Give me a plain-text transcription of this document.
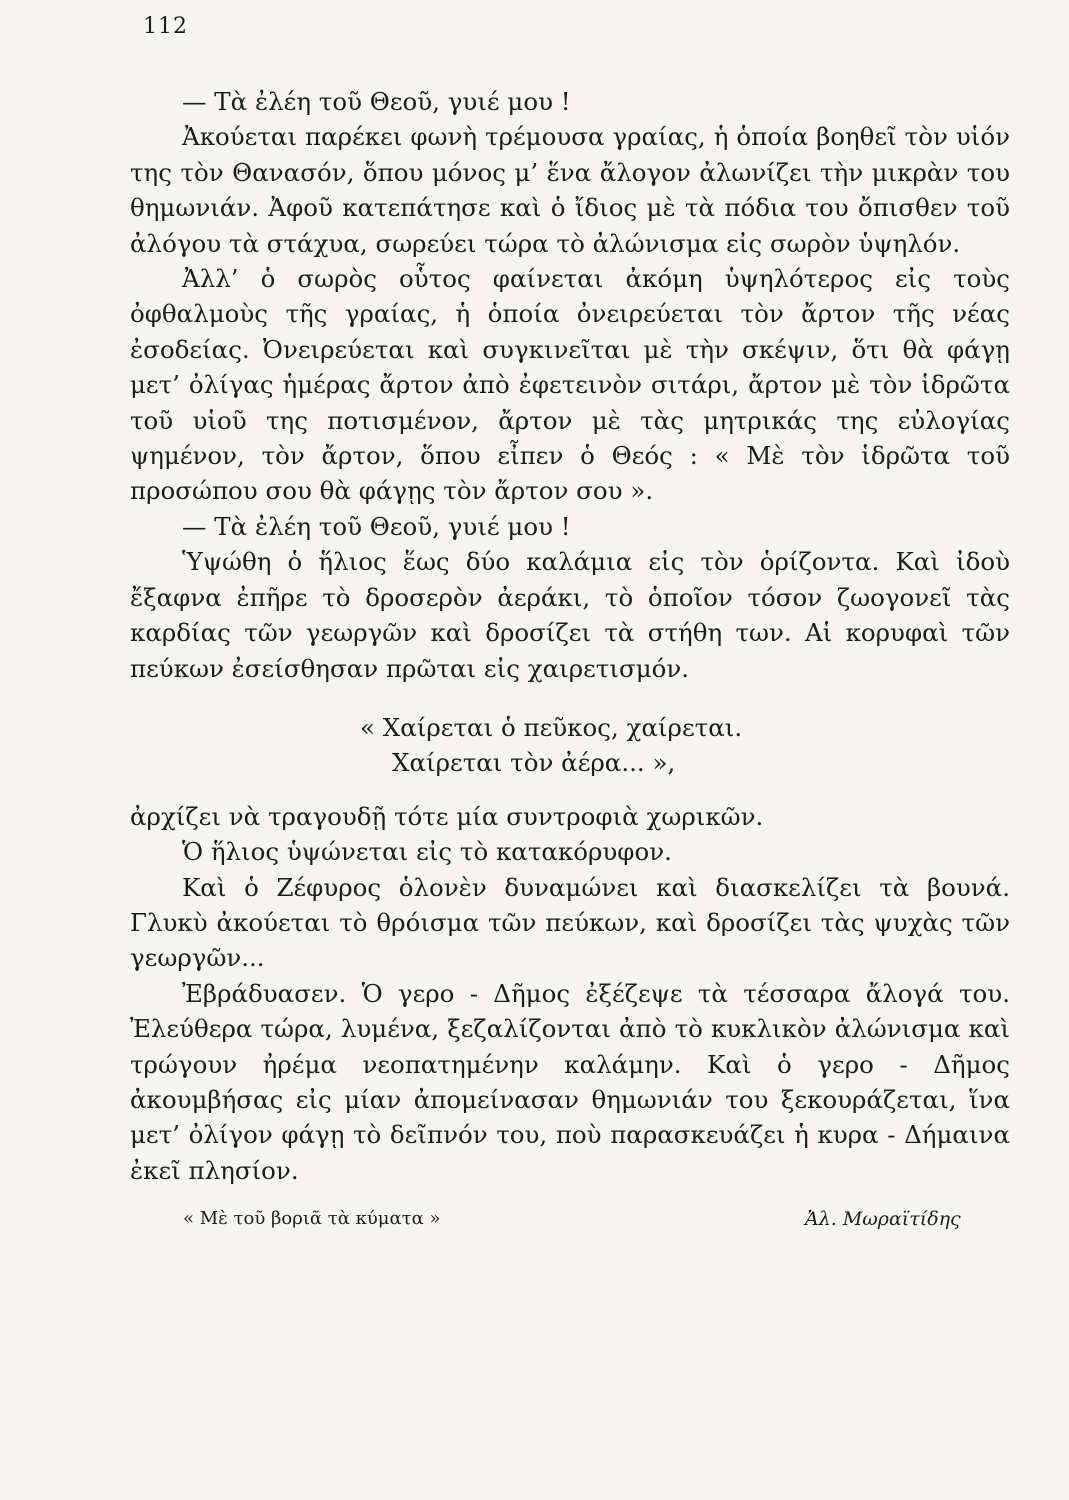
112

— Τὰ ἐλέη τοῦ Θεοῦ, γυιέ μου !

Ἀκούεται παρέκει φωνὴ τρέμουσα γραίας, ἡ ὁποία βοηθεῖ τὸν υἱόν της τὸν Θανασόν, ὅπου μόνος μ’ ἕνα ἄλογον ἀλωνίζει τὴν μικρὰν του θημωνιάν. Ἀφοῦ κατεπάτησε καὶ ὁ ἴδιος μὲ τὰ πόδια του ὄπισθεν τοῦ ἀλόγου τὰ στάχυα, σωρεύει τώρα τὸ ἀλώνισμα εἰς σωρὸν ὑψηλόν.

Ἀλλ’ ὁ σωρὸς οὗτος φαίνεται ἀκόμη ὑψηλότερος εἰς τοὺς ὀφθαλμοὺς τῆς γραίας, ἡ ὁποία ὀνειρεύεται τὸν ἄρτον τῆς νέας ἐσοδείας. Ὀνειρεύεται καὶ συγκινεῖται μὲ τὴν σκέψιν, ὅτι θὰ φάγῃ μετ’ ὀλίγας ἡμέρας ἄρτον ἀπὸ ἐφετεινὸν σιτάρι, ἄρτον μὲ τὸν ἱδρῶτα τοῦ υἱοῦ της ποτισμένον, ἄρτον μὲ τὰς μητρικάς της εὐλογίας ψημένον, τὸν ἄρτον, ὅπου εἶπεν ὁ Θεός : « Μὲ τὸν ἱδρῶτα τοῦ προσώπου σου θὰ φάγῃς τὸν ἄρτον σου ».

— Τὰ ἐλέη τοῦ Θεοῦ, γυιέ μου !

Ὑψώθη ὁ ἥλιος ἕως δύο καλάμια εἰς τὸν ὁρίζοντα. Καὶ ἰδοὺ ἔξαφνα ἐπῆρε τὸ δροσερὸν ἀεράκι, τὸ ὁποῖον τόσον ζωογονεῖ τὰς καρδίας τῶν γεωργῶν καὶ δροσίζει τὰ στήθη των. Αἱ κορυφαὶ τῶν πεύκων ἐσείσθησαν πρῶται εἰς χαιρετισμόν.

« Χαίρεται ὁ πεῦκος, χαίρεται.
Χαίρεται τὸν ἀέρα... »,

ἀρχίζει νὰ τραγουδῇ τότε μία συντροφιὰ χωρικῶν.

Ὁ ἥλιος ὑψώνεται εἰς τὸ κατακόρυφον.

Καὶ ὁ Ζέφυρος ὁλονὲν δυναμώνει καὶ διασκελίζει τὰ βουνά. Γλυκὺ ἀκούεται τὸ θρόισμα τῶν πεύκων, καὶ δροσίζει τὰς ψυχὰς τῶν γεωργῶν...

Ἐβράδυασεν. Ὁ γερο - Δῆμος ἐξέζεψε τὰ τέσσαρα ἄλογά του. Ἐλεύθερα τώρα, λυμένα, ξεζαλίζονται ἀπὸ τὸ κυκλικὸν ἀλώνισμα καὶ τρώγουν ἠρέμα νεοπατημένην καλάμην. Καὶ ὁ γερο - Δῆμος ἀκουμβήσας εἰς μίαν ἀπομείνασαν θημωνιάν του ξεκουράζεται, ἵνα μετ’ ὀλίγον φάγῃ τὸ δεῖπνόν του, ποὺ παρασκευάζει ἡ κυρα - Δήμαινα ἐκεῖ πλησίον.

« Μὲ τοῦ βοριᾶ τὰ κύματα »	Ἀλ. Μωραϊτίδης
